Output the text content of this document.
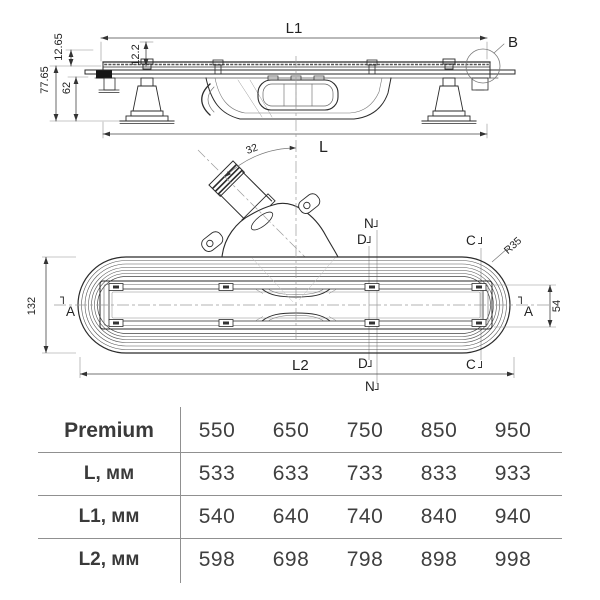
L1
B
12.65
77.65 62
12.2
L
32
N
D
D
N
C
C
132	54
R35
A	A
L2
Premium	550	650	750	850	950
L, мм	533	633	733	833	933
L1, мм	540	640	740	840	940
L2, мм	598	698	798	898	998
